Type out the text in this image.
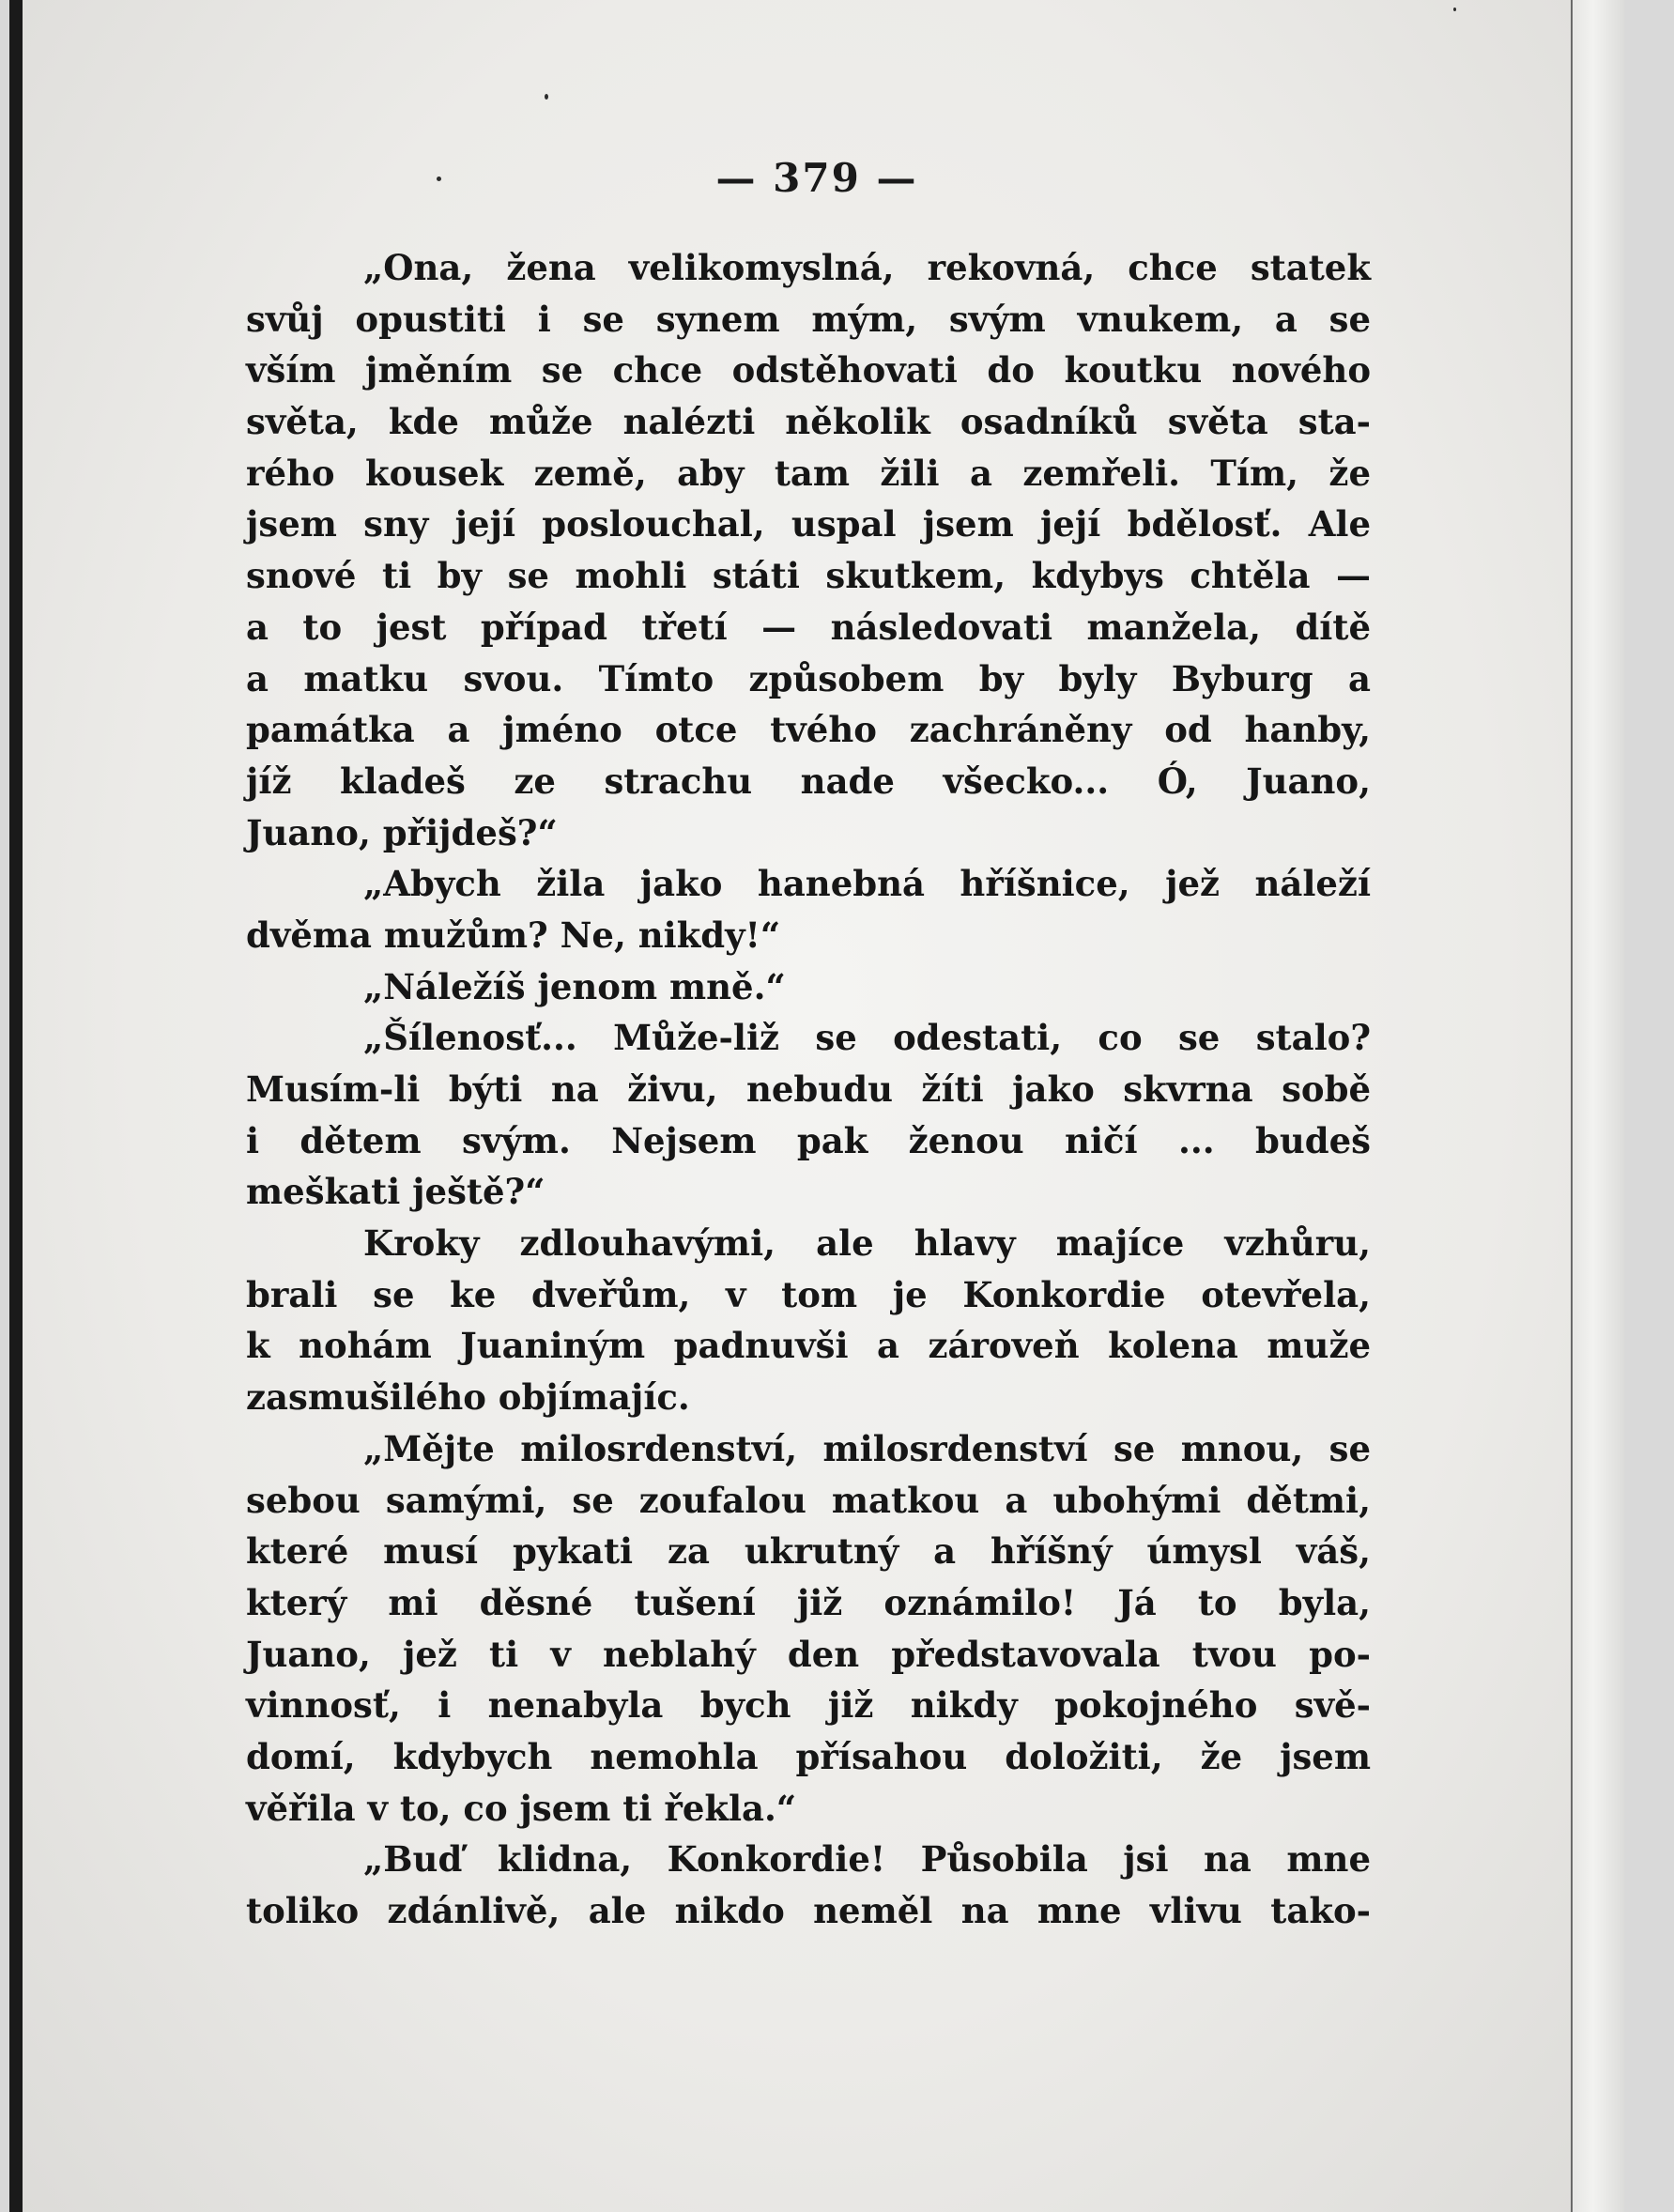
— 379 —
„Ona, žena velikomyslná, rekovná, chce statek
svůj opustiti i se synem mým, svým vnukem, a se
vším jměním se chce odstěhovati do koutku nového
světa, kde může nalézti několik osadníků světa sta-
rého kousek země, aby tam žili a zemřeli. Tím, že
jsem sny její poslouchal, uspal jsem její bdělosť. Ale
snové ti by se mohli státi skutkem, kdybys chtěla —
a to jest případ třetí — následovati manžela, dítě
a matku svou. Tímto způsobem by byly Byburg a
památka a jméno otce tvého zachráněny od hanby,
jíž kladeš ze strachu nade všecko... Ó, Juano,
Juano, přijdeš?“
„Abych žila jako hanebná hříšnice, jež náleží
dvěma mužům? Ne, nikdy!“
„Náležíš jenom mně.“
„Šílenosť... Může-liž se odestati, co se stalo?
Musím-li býti na živu, nebudu žíti jako skvrna sobě
i dětem svým. Nejsem pak ženou ničí ... budeš
meškati ještě?“
Kroky zdlouhavými, ale hlavy majíce vzhůru,
brali se ke dveřům, v tom je Konkordie otevřela,
k nohám Juaniným padnuvši a zároveň kolena muže
zasmušilého objímajíc.
„Mějte milosrdenství, milosrdenství se mnou, se
sebou samými, se zoufalou matkou a ubohými dětmi,
které musí pykati za ukrutný a hříšný úmysl váš,
který mi děsné tušení již oznámilo! Já to byla,
Juano, jež ti v neblahý den představovala tvou po-
vinnosť, i nenabyla bych již nikdy pokojného svě-
domí, kdybych nemohla přísahou doložiti, že jsem
věřila v to, co jsem ti řekla.“
„Buď klidna, Konkordie! Působila jsi na mne
toliko zdánlivě, ale nikdo neměl na mne vlivu tako-
